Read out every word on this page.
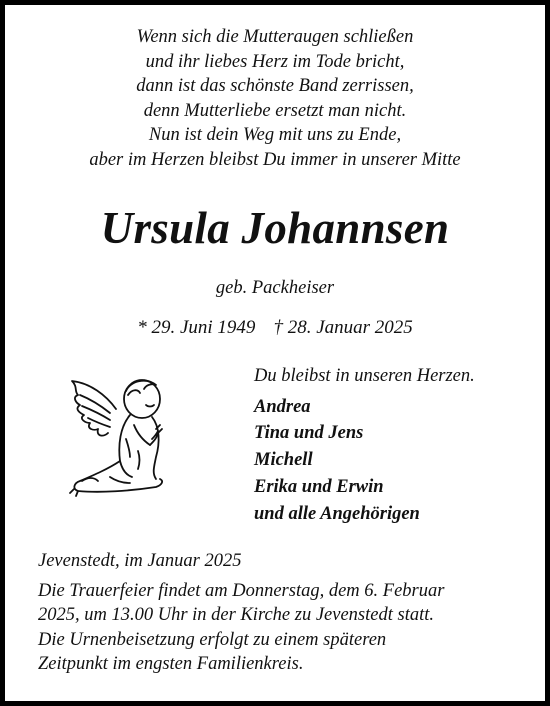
Wenn sich die Mutteraugen schließen
und ihr liebes Herz im Tode bricht,
dann ist das schönste Band zerrissen,
denn Mutterliebe ersetzt man nicht.
Nun ist dein Weg mit uns zu Ende,
aber im Herzen bleibst Du immer in unserer Mitte
Ursula Johannsen
geb. Packheiser
* 29. Juni 1949 † 28. Januar 2025
Du bleibst in unseren Herzen.
Andrea
Tina und Jens
Michell
Erika und Erwin
und alle Angehörigen
Jevenstedt, im Januar 2025
Die Trauerfeier findet am Donnerstag, dem 6. Februar
2025, um 13.00 Uhr in der Kirche zu Jevenstedt statt.
Die Urnenbeisetzung erfolgt zu einem späteren
Zeitpunkt im engsten Familienkreis.
